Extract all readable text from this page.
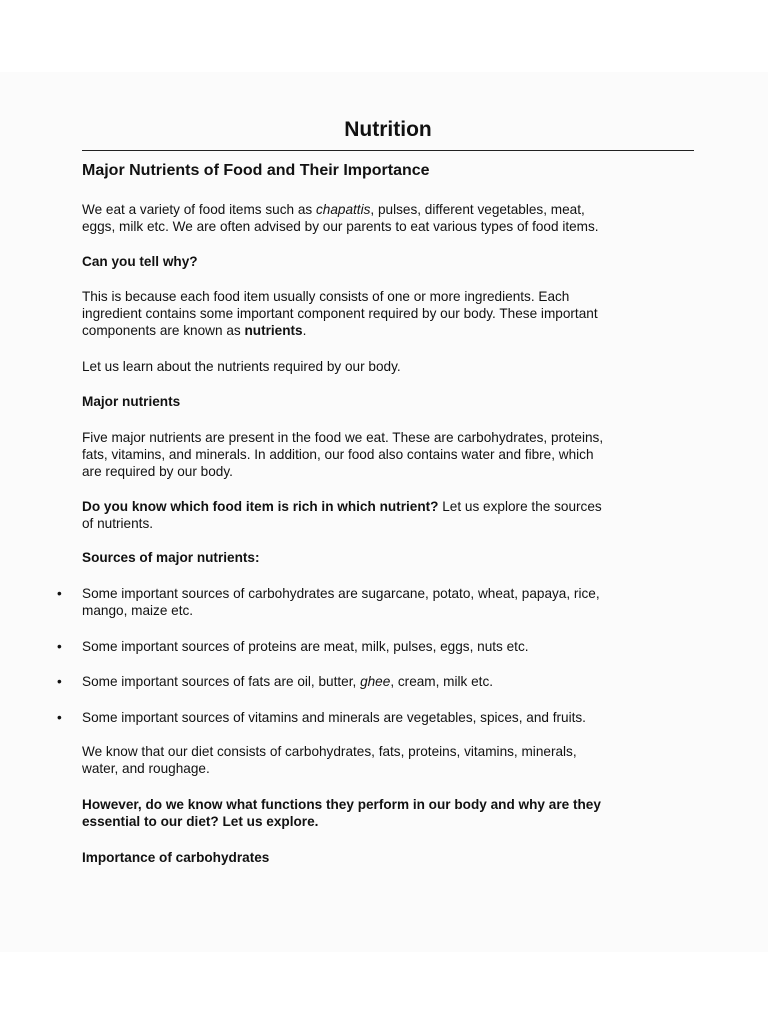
Nutrition
Major Nutrients of Food and Their Importance

We eat a variety of food items such as chapattis, pulses, different vegetables, meat,
eggs, milk etc. We are often advised by our parents to eat various types of food items.

Can you tell why?

This is because each food item usually consists of one or more ingredients. Each
ingredient contains some important component required by our body. These important
components are known as nutrients.

Let us learn about the nutrients required by our body.

Major nutrients

Five major nutrients are present in the food we eat. These are carbohydrates, proteins,
fats, vitamins, and minerals. In addition, our food also contains water and fibre, which
are required by our body.

Do you know which food item is rich in which nutrient? Let us explore the sources
of nutrients.

Sources of major nutrients:

• Some important sources of carbohydrates are sugarcane, potato, wheat, papaya, rice,
mango, maize etc.
• Some important sources of proteins are meat, milk, pulses, eggs, nuts etc.
• Some important sources of fats are oil, butter, ghee, cream, milk etc.
• Some important sources of vitamins and minerals are vegetables, spices, and fruits.

We know that our diet consists of carbohydrates, fats, proteins, vitamins, minerals,
water, and roughage.

However, do we know what functions they perform in our body and why are they
essential to our diet? Let us explore.

Importance of carbohydrates
